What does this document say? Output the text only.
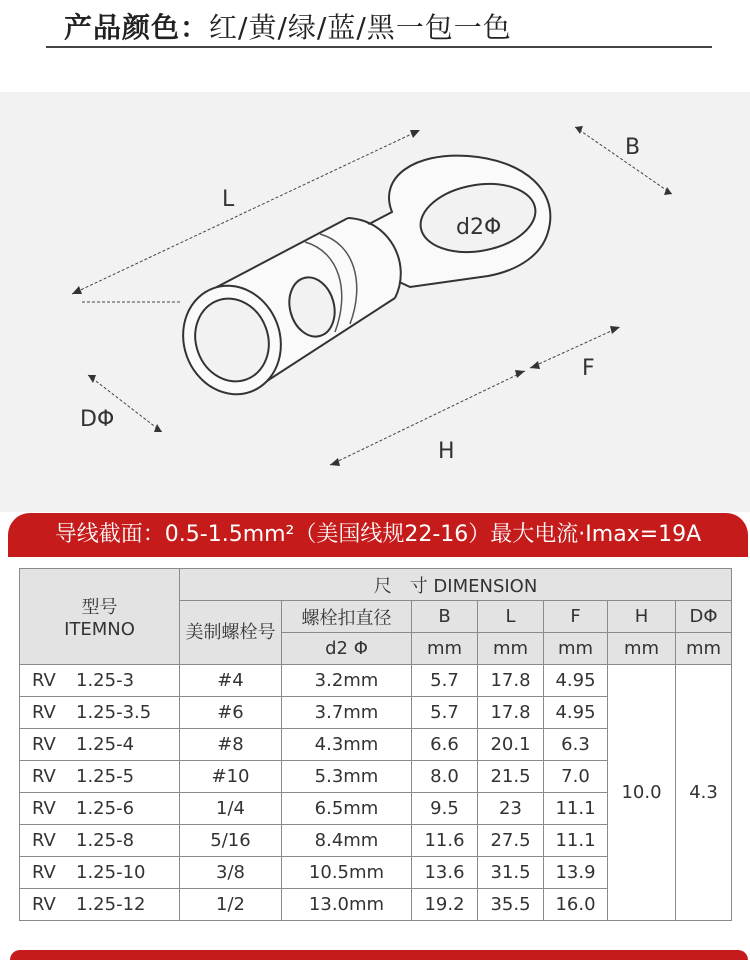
产品颜色：红/黄/绿/蓝/黑一包一色
L
B
d2Φ
F
DΦ
H
导线截面：0.5-1.5mm²（美国线规22-16）最大电流·Imax=19A
型号
ITEMNO	尺　寸 DIMENSION						
	美制螺栓号	螺栓扣直径	B	L	F	H	DΦ
		d2 Φ	mm	mm	mm	mm	mm
RV 1.25-3	#4	3.2mm	5.7	17.8	4.95	10.0	4.3
RV 1.25-3.5	#6	3.7mm	5.7	17.8	4.95		
RV 1.25-4	#8	4.3mm	6.6	20.1	6.3		
RV 1.25-5	#10	5.3mm	8.0	21.5	7.0		
RV 1.25-6	1/4	6.5mm	9.5	23	11.1		
RV 1.25-8	5/16	8.4mm	11.6	27.5	11.1		
RV 1.25-10	3/8	10.5mm	13.6	31.5	13.9		
RV 1.25-12	1/2	13.0mm	19.2	35.5	16.0		
